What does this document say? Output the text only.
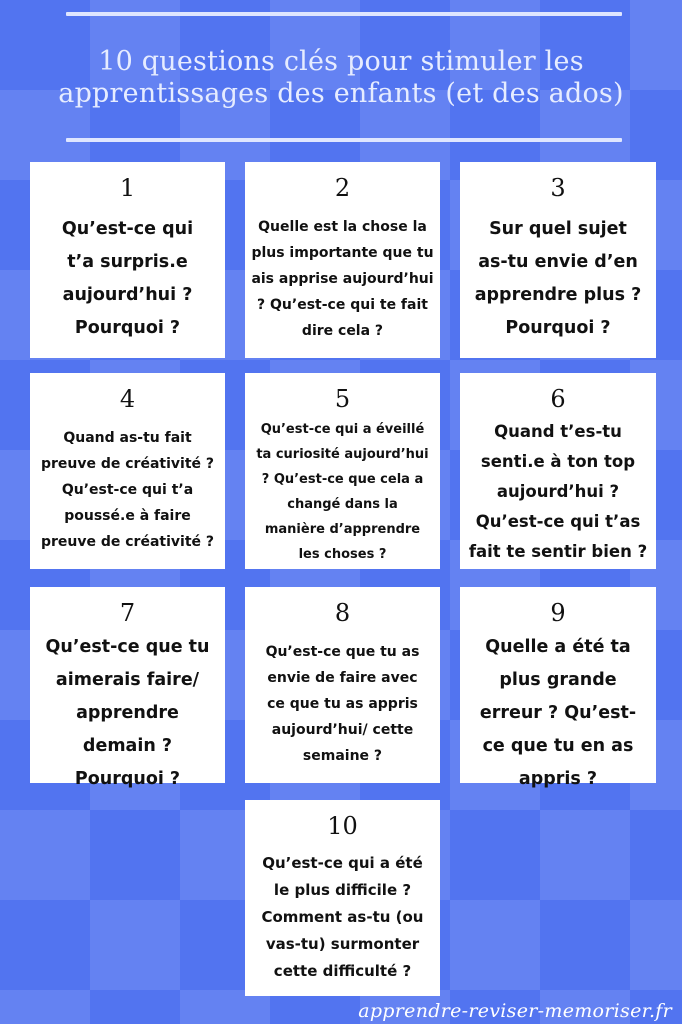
10 questions clés pour stimuler les
apprentissages des enfants (et des ados)
1
Qu’est-ce qui
t’a surpris.e
aujourd’hui ?
Pourquoi ?
2
Quelle est la chose la
plus importante que tu
ais apprise aujourd’hui
? Qu’est-ce qui te fait
dire cela ?
3
Sur quel sujet
as-tu envie d’en
apprendre plus ?
Pourquoi ?
4
Quand as-tu fait
preuve de créativité ?
Qu’est-ce qui t’a
poussé.e à faire
preuve de créativité ?
5
Qu’est-ce qui a éveillé
ta curiosité aujourd’hui
? Qu’est-ce que cela a
changé dans la
manière d’apprendre
les choses ?
6
Quand t’es-tu
senti.e à ton top
aujourd’hui ?
Qu’est-ce qui t’as
fait te sentir bien ?
7
Qu’est-ce que tu
aimerais faire/
apprendre
demain ?
Pourquoi ?
8
Qu’est-ce que tu as
envie de faire avec
ce que tu as appris
aujourd’hui/ cette
semaine ?
9
Quelle a été ta
plus grande
erreur ? Qu’est-
ce que tu en as
appris ?
10
Qu’est-ce qui a été
le plus difficile ?
Comment as-tu (ou
vas-tu) surmonter
cette difficulté ?
apprendre-reviser-memoriser.fr
